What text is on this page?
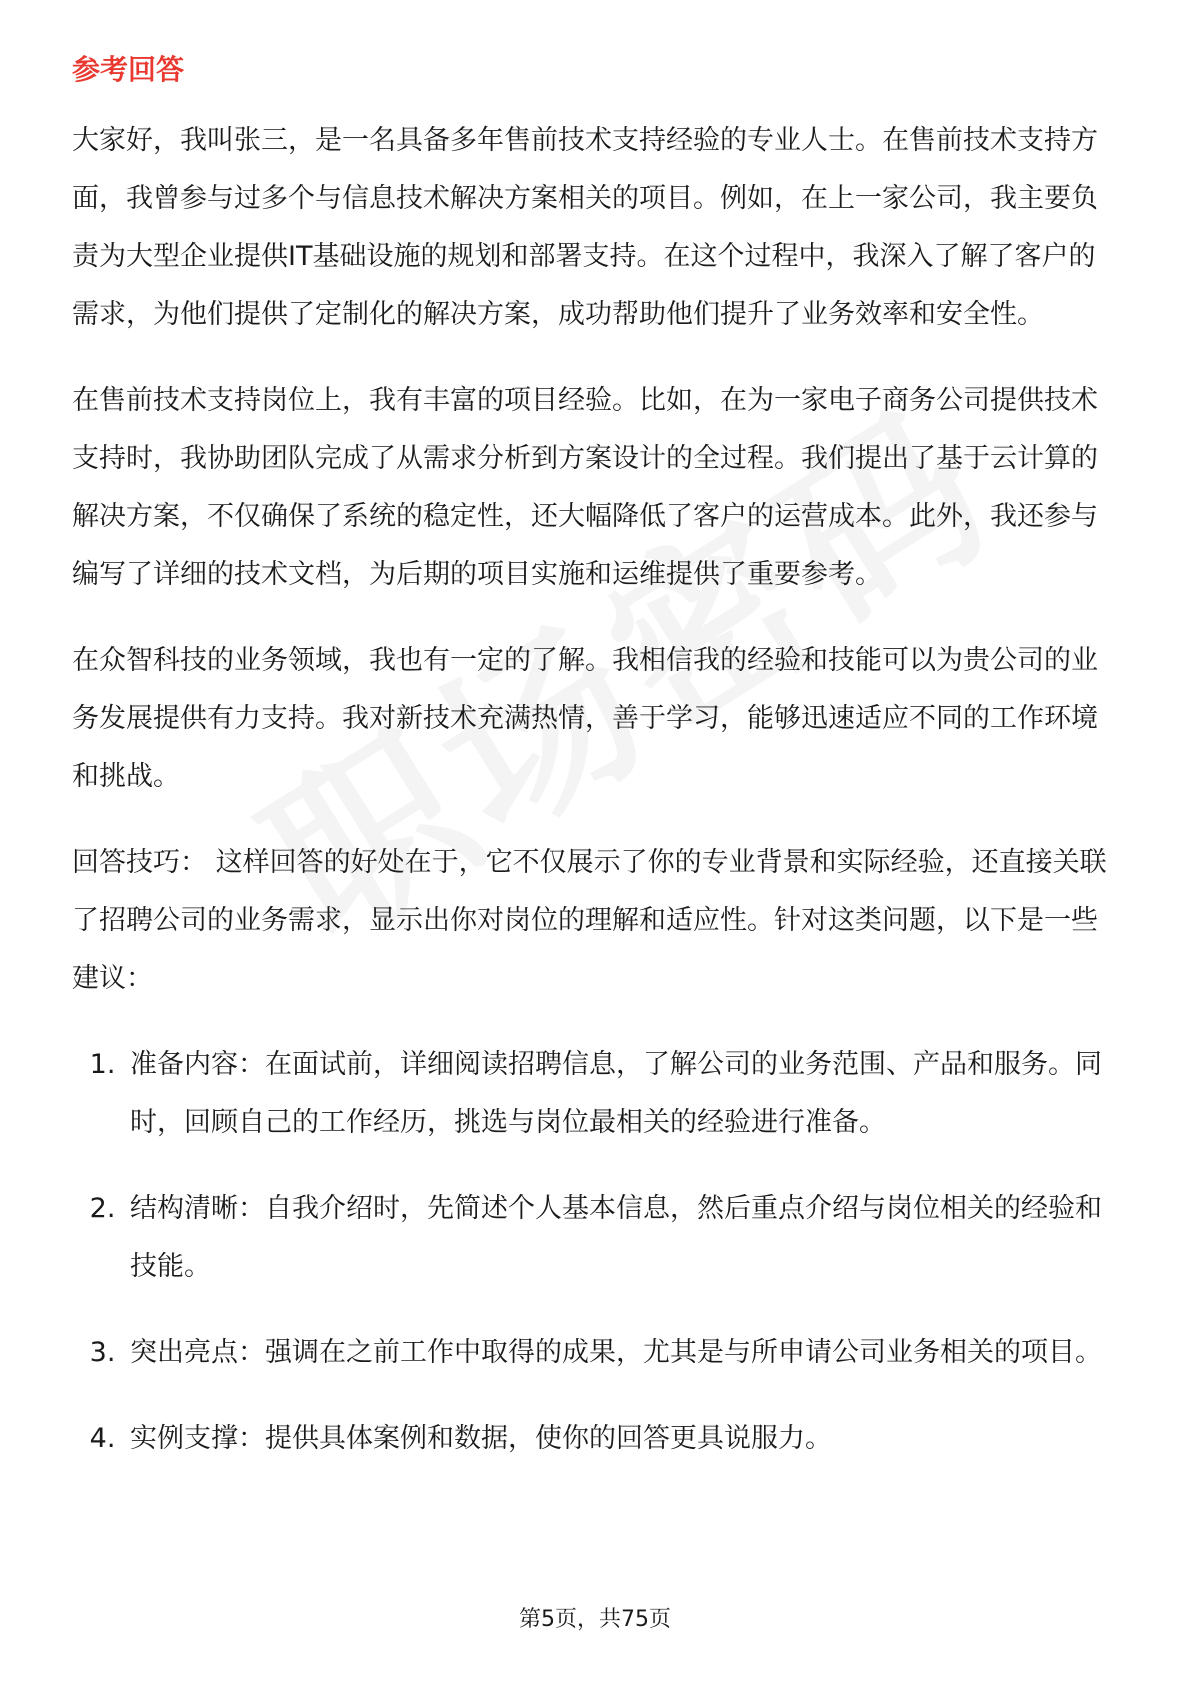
参考回答

大家好，我叫张三，是一名具备多年售前技术支持经验的专业人士。在售前技术支持方面，我曾参与过多个与信息技术解决方案相关的项目。例如，在上一家公司，我主要负责为大型企业提供IT基础设施的规划和部署支持。在这个过程中，我深入了解了客户的需求，为他们提供了定制化的解决方案，成功帮助他们提升了业务效率和安全性。

在售前技术支持岗位上，我有丰富的项目经验。比如，在为一家电子商务公司提供技术支持时，我协助团队完成了从需求分析到方案设计的全过程。我们提出了基于云计算的解决方案，不仅确保了系统的稳定性，还大幅降低了客户的运营成本。此外，我还参与编写了详细的技术文档，为后期的项目实施和运维提供了重要参考。

在众智科技的业务领域，我也有一定的了解。我相信我的经验和技能可以为贵公司的业务发展提供有力支持。我对新技术充满热情，善于学习，能够迅速适应不同的工作环境和挑战。

回答技巧： 这样回答的好处在于，它不仅展示了你的专业背景和实际经验，还直接关联了招聘公司的业务需求，显示出你对岗位的理解和适应性。针对这类问题，以下是一些建议：

1. 准备内容：在面试前，详细阅读招聘信息，了解公司的业务范围、产品和服务。同时，回顾自己的工作经历，挑选与岗位最相关的经验进行准备。
2. 结构清晰：自我介绍时，先简述个人基本信息，然后重点介绍与岗位相关的经验和技能。
3. 突出亮点：强调在之前工作中取得的成果，尤其是与所申请公司业务相关的项目。
4. 实例支撑：提供具体案例和数据，使你的回答更具说服力。
第5页，共75页
